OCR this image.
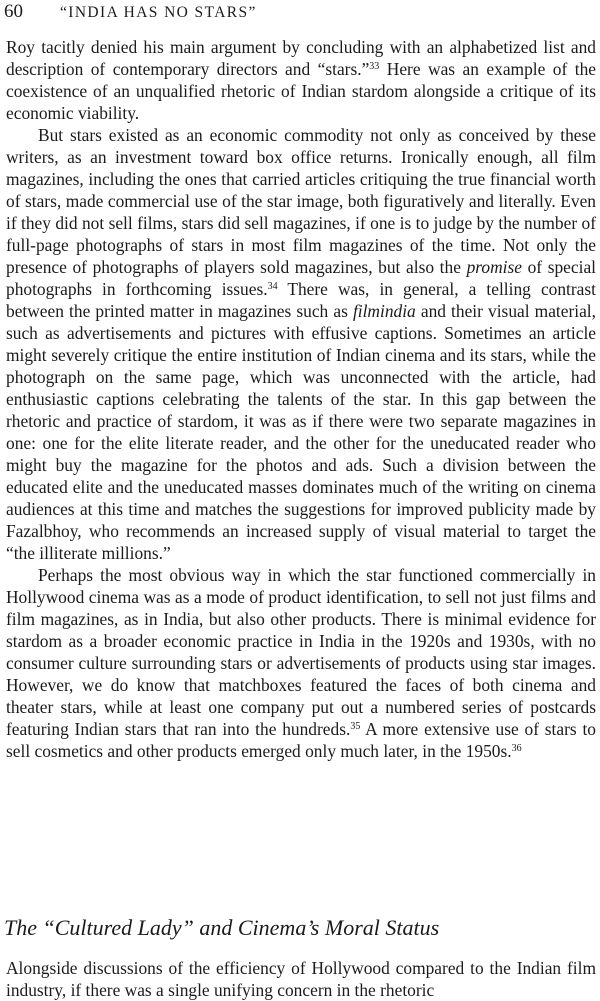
60	“INDIA HAS NO STARS”

Roy tacitly denied his main argument by concluding with an alphabetized list and description of contemporary directors and “stars.”$^{33}$ Here was an example of the coexistence of an unqualified rhetoric of Indian stardom alongside a critique of its economic viability.

But stars existed as an economic commodity not only as conceived by these writers, as an investment toward box office returns. Ironically enough, all film magazines, including the ones that carried articles critiquing the true financial worth of stars, made commercial use of the star image, both figuratively and literally. Even if they did not sell films, stars did sell magazines, if one is to judge by the number of full-page photographs of stars in most film magazines of the time. Not only the presence of photographs of players sold magazines, but also the promise of special photographs in forthcoming issues.$^{34}$ There was, in general, a telling contrast between the printed matter in magazines such as filmindia and their visual material, such as advertisements and pictures with effusive captions. Sometimes an article might severely critique the entire institution of Indian cinema and its stars, while the photograph on the same page, which was unconnected with the article, had enthusiastic captions celebrating the talents of the star. In this gap between the rhetoric and practice of stardom, it was as if there were two separate magazines in one: one for the elite literate reader, and the other for the uneducated reader who might buy the magazine for the photos and ads. Such a division between the educated elite and the uneducated masses dominates much of the writing on cinema audiences at this time and matches the suggestions for improved publicity made by Fazalbhoy, who recommends an increased supply of visual material to target the “the illiterate millions.”

Perhaps the most obvious way in which the star functioned commercially in Hollywood cinema was as a mode of product identification, to sell not just films and film magazines, as in India, but also other products. There is minimal evidence for stardom as a broader economic practice in India in the 1920s and 1930s, with no consumer culture surrounding stars or advertisements of products using star images. However, we do know that matchboxes featured the faces of both cinema and theater stars, while at least one company put out a numbered series of postcards featuring Indian stars that ran into the hundreds.$^{35}$ A more extensive use of stars to sell cosmetics and other products emerged only much later, in the 1950s.$^{36}$

The “Cultured Lady” and Cinema’s Moral Status

Alongside discussions of the efficiency of Hollywood compared to the Indian film industry, if there was a single unifying concern in the rhetoric
